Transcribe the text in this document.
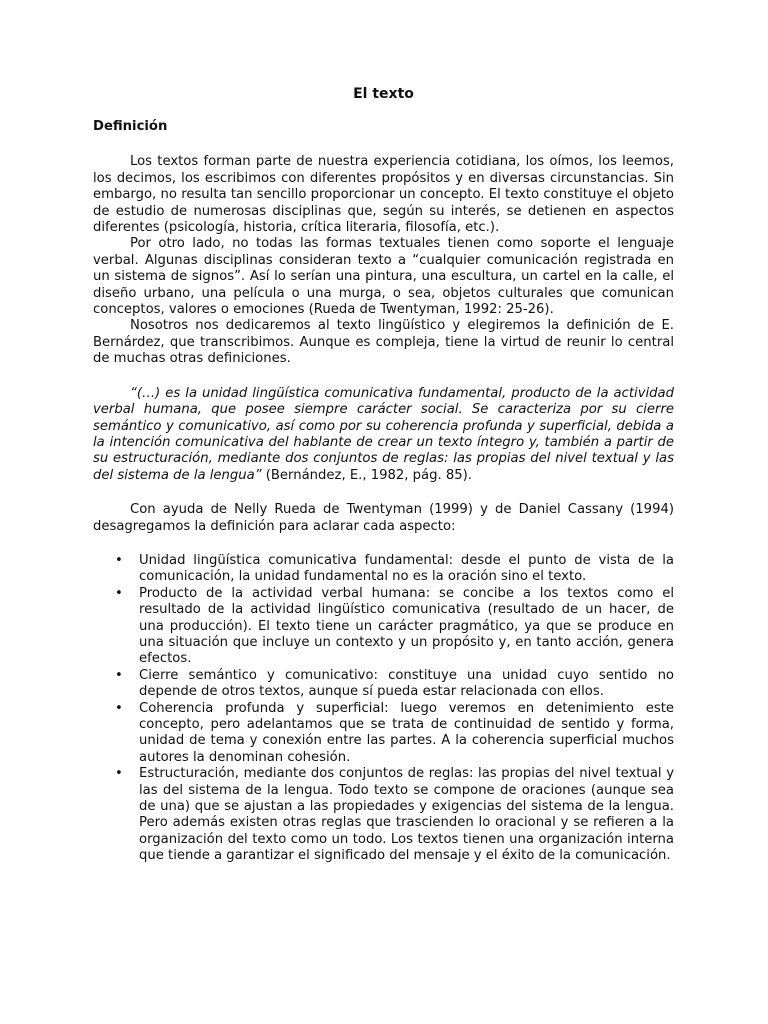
El texto
Definición

Los textos forman parte de nuestra experiencia cotidiana, los oímos, los leemos, los decimos, los escribimos con diferentes propósitos y en diversas circunstancias. Sin embargo, no resulta tan sencillo proporcionar un concepto. El texto constituye el objeto de estudio de numerosas disciplinas que, según su interés, se detienen en aspectos diferentes (psicología, historia, crítica literaria, filosofía, etc.).

Por otro lado, no todas las formas textuales tienen como soporte el lenguaje verbal. Algunas disciplinas consideran texto a “cualquier comunicación registrada en un sistema de signos”. Así lo serían una pintura, una escultura, un cartel en la calle, el diseño urbano, una película o una murga, o sea, objetos culturales que comunican conceptos, valores o emociones (Rueda de Twentyman, 1992: 25-26).

Nosotros nos dedicaremos al texto lingüístico y elegiremos la definición de E. Bernárdez, que transcribimos. Aunque es compleja, tiene la virtud de reunir lo central de muchas otras definiciones.

“(…) es la unidad lingüística comunicativa fundamental, producto de la actividad verbal humana, que posee siempre carácter social. Se caracteriza por su cierre semántico y comunicativo, así como por su coherencia profunda y superficial, debida a la intención comunicativa del hablante de crear un texto íntegro y, también a partir de su estructuración, mediante dos conjuntos de reglas: las propias del nivel textual y las del sistema de la lengua” (Bernández, E., 1982, pág. 85).

Con ayuda de Nelly Rueda de Twentyman (1999) y de Daniel Cassany (1994) desagregamos la definición para aclarar cada aspecto:

• Unidad lingüística comunicativa fundamental: desde el punto de vista de la comunicación, la unidad fundamental no es la oración sino el texto.
• Producto de la actividad verbal humana: se concibe a los textos como el resultado de la actividad lingüístico comunicativa (resultado de un hacer, de una producción). El texto tiene un carácter pragmático, ya que se produce en una situación que incluye un contexto y un propósito y, en tanto acción, genera efectos.
• Cierre semántico y comunicativo: constituye una unidad cuyo sentido no depende de otros textos, aunque sí pueda estar relacionada con ellos.
• Coherencia profunda y superficial: luego veremos en detenimiento este concepto, pero adelantamos que se trata de continuidad de sentido y forma, unidad de tema y conexión entre las partes. A la coherencia superficial muchos autores la denominan cohesión.
• Estructuración, mediante dos conjuntos de reglas: las propias del nivel textual y las del sistema de la lengua. Todo texto se compone de oraciones (aunque sea de una) que se ajustan a las propiedades y exigencias del sistema de la lengua. Pero además existen otras reglas que trascienden lo oracional y se refieren a la organización del texto como un todo. Los textos tienen una organización interna que tiende a garantizar el significado del mensaje y el éxito de la comunicación.
